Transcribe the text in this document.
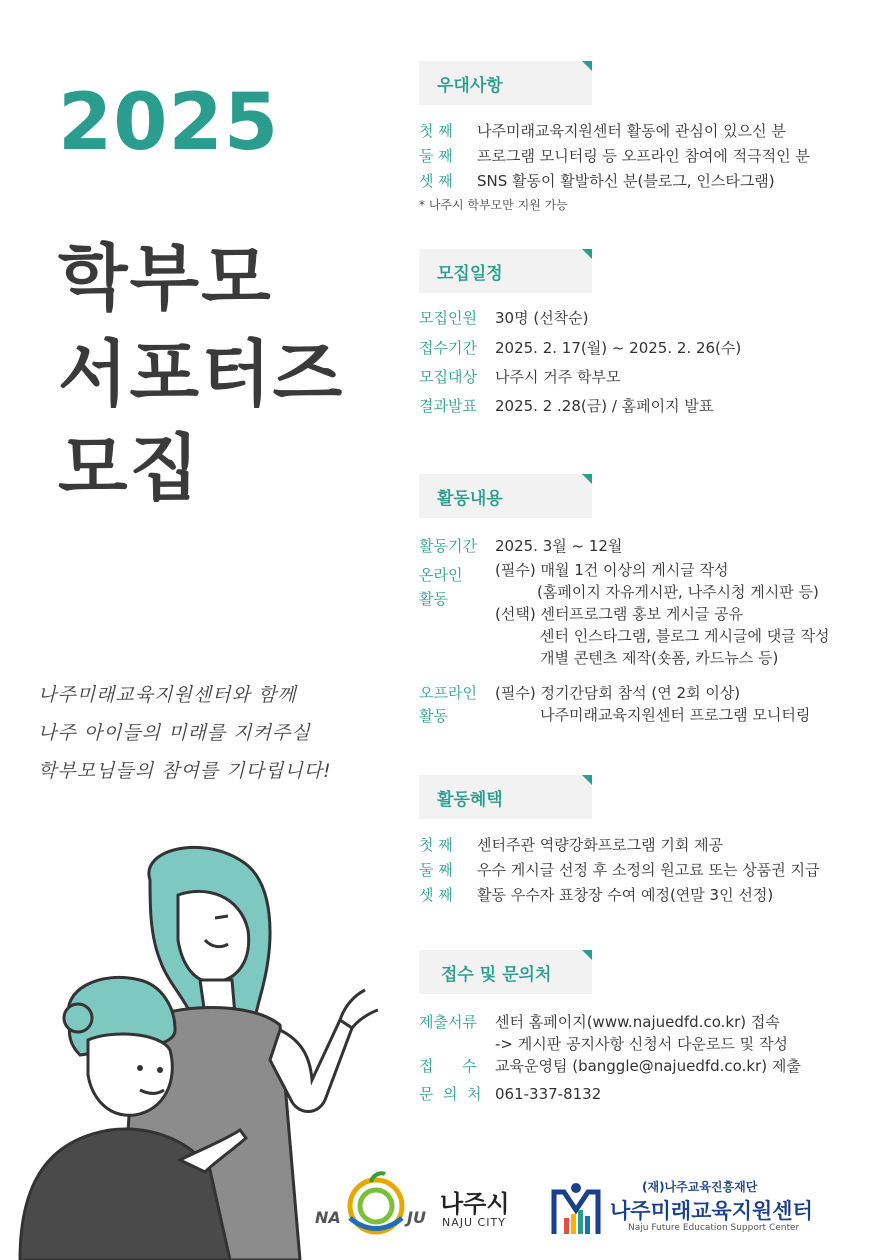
2025
학부모
서포터즈
모집
나주미래교육지원센터와 함께
나주 아이들의 미래를 지켜주실
학부모님들의 참여를 기다립니다!
우대사항
첫 째 나주미래교육지원센터 활동에 관심이 있으신 분
둘 째 프로그램 모니터링 등 오프라인 참여에 적극적인 분
셋 째 SNS 활동이 활발하신 분(블로그, 인스타그램)
* 나주시 학부모만 지원 가능
모집일정
모집인원 30명 (선착순)
접수기간 2025. 2. 17(월) ~ 2025. 2. 26(수)
모집대상 나주시 거주 학부모
결과발표 2025. 2 .28(금) / 홈페이지 발표
활동내용
활동기간 2025. 3월 ~ 12월
온라인
활동
(필수) 매월 1건 이상의 게시글 작성
(홈페이지 자유게시판, 나주시청 게시판 등)
(선택) 센터프로그램 홍보 게시글 공유
센터 인스타그램, 블로그 게시글에 댓글 작성
개별 콘텐츠 제작(숏폼, 카드뉴스 등)
오프라인
활동
(필수) 정기간담회 참석 (연 2회 이상)
나주미래교육지원센터 프로그램 모니터링
활동혜택
첫 째 센터주관 역량강화프로그램 기회 제공
둘 째 우수 게시글 선정 후 소정의 원고료 또는 상품권 지급
셋 째 활동 우수자 표창장 수여 예정(연말 3인 선정)
접수 및 문의처
제출서류 센터 홈페이지(www.najuedfd.co.kr) 접속
-> 게시판 공지사항 신청서 다운로드 및 작성
접      수 교육운영팀 (banggle@najuedfd.co.kr) 제출
문  의  처 061-337-8132
NA	JU 나주시
NAJU CITY
(재)나주교육진흥재단
나주미래교육지원센터
Naju Future Education Support Center
